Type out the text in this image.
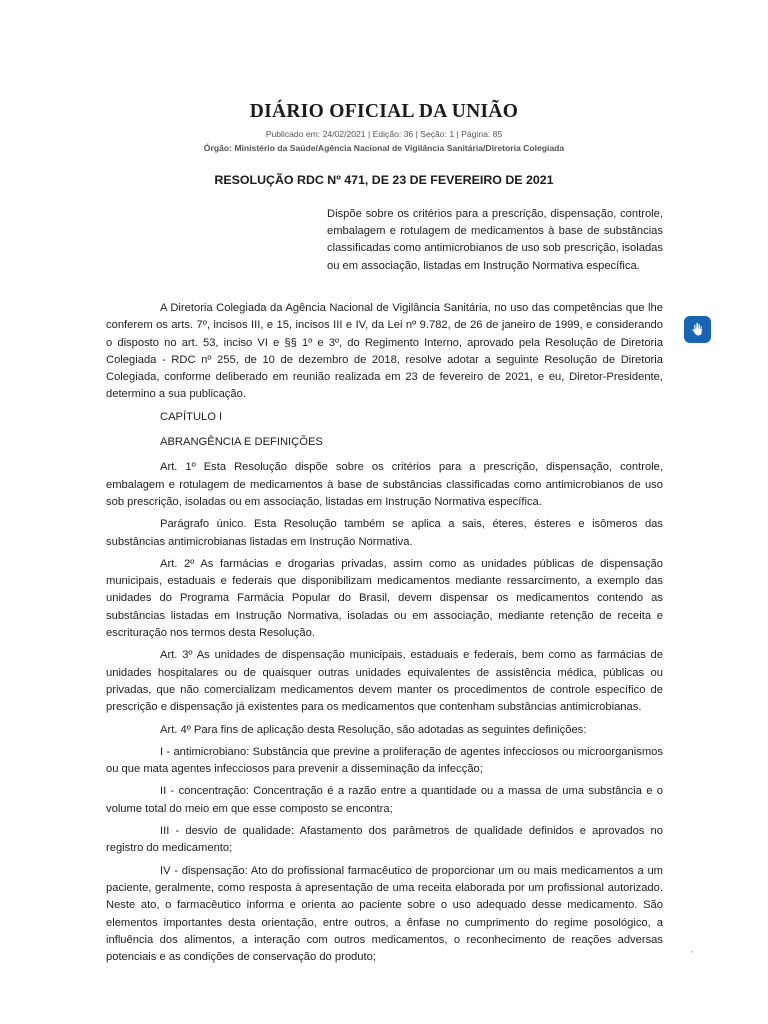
DIÁRIO OFICIAL DA UNIÃO
Publicado em: 24/02/2021 | Edição: 36 | Seção: 1 | Página: 85
Órgão: Ministério da Saúde/Agência Nacional de Vigilância Sanitária/Diretoria Colegiada
RESOLUÇÃO RDC Nº 471, DE 23 DE FEVEREIRO DE 2021
Dispõe sobre os critérios para a prescrição, dispensação, controle, embalagem e rotulagem de medicamentos à base de substâncias classificadas como antimicrobianos de uso sob prescrição, isoladas ou em associação, listadas em Instrução Normativa específica.

A Diretoria Colegiada da Agência Nacional de Vigilância Sanitária, no uso das competências que lhe conferem os arts. 7º, incisos III, e 15, incisos III e IV, da Lei nº 9.782, de 26 de janeiro de 1999, e considerando o disposto no art. 53, inciso VI e §§ 1º e 3º, do Regimento Interno, aprovado pela Resolução de Diretoria Colegiada - RDC nº 255, de 10 de dezembro de 2018, resolve adotar a seguinte Resolução de Diretoria Colegiada, conforme deliberado em reunião realizada em 23 de fevereiro de 2021, e eu, Diretor-Presidente, determino a sua publicação.

CAPÍTULO I

ABRANGÊNCIA E DEFINIÇÕES

Art. 1º Esta Resolução dispõe sobre os critérios para a prescrição, dispensação, controle, embalagem e rotulagem de medicamentos à base de substâncias classificadas como antimicrobianos de uso sob prescrição, isoladas ou em associação, listadas em Instrução Normativa específica.

Parágrafo único. Esta Resolução também se aplica a sais, éteres, ésteres e isômeros das substâncias antimicrobianas listadas em Instrução Normativa.

Art. 2º As farmácias e drogarias privadas, assim como as unidades públicas de dispensação municipais, estaduais e federais que disponibilizam medicamentos mediante ressarcimento, a exemplo das unidades do Programa Farmácia Popular do Brasil, devem dispensar os medicamentos contendo as substâncias listadas em Instrução Normativa, isoladas ou em associação, mediante retenção de receita e escrituração nos termos desta Resolução.

Art. 3º As unidades de dispensação municipais, estaduais e federais, bem como as farmácias de unidades hospitalares ou de quaisquer outras unidades equivalentes de assistência médica, públicas ou privadas, que não comercializam medicamentos devem manter os procedimentos de controle específico de prescrição e dispensação já existentes para os medicamentos que contenham substâncias antimicrobianas.

Art. 4º Para fins de aplicação desta Resolução, são adotadas as seguintes definições:

I - antimicrobiano: Substância que previne a proliferação de agentes infecciosos ou microorganismos ou que mata agentes infecciosos para prevenir a disseminação da infecção;

II - concentração: Concentração é a razão entre a quantidade ou a massa de uma substância e o volume total do meio em que esse composto se encontra;

III - desvio de qualidade: Afastamento dos parâmetros de qualidade definidos e aprovados no registro do medicamento;

IV - dispensação: Ato do profissional farmacêutico de proporcionar um ou mais medicamentos a um paciente, geralmente, como resposta à apresentação de uma receita elaborada por um profissional autorizado. Neste ato, o farmacêutico informa e orienta ao paciente sobre o uso adequado desse medicamento. São elementos importantes desta orientação, entre outros, a ênfase no cumprimento do regime posológico, a influência dos alimentos, a interação com outros medicamentos, o reconhecimento de reações adversas potenciais e as condições de conservação do produto;	ʼ
